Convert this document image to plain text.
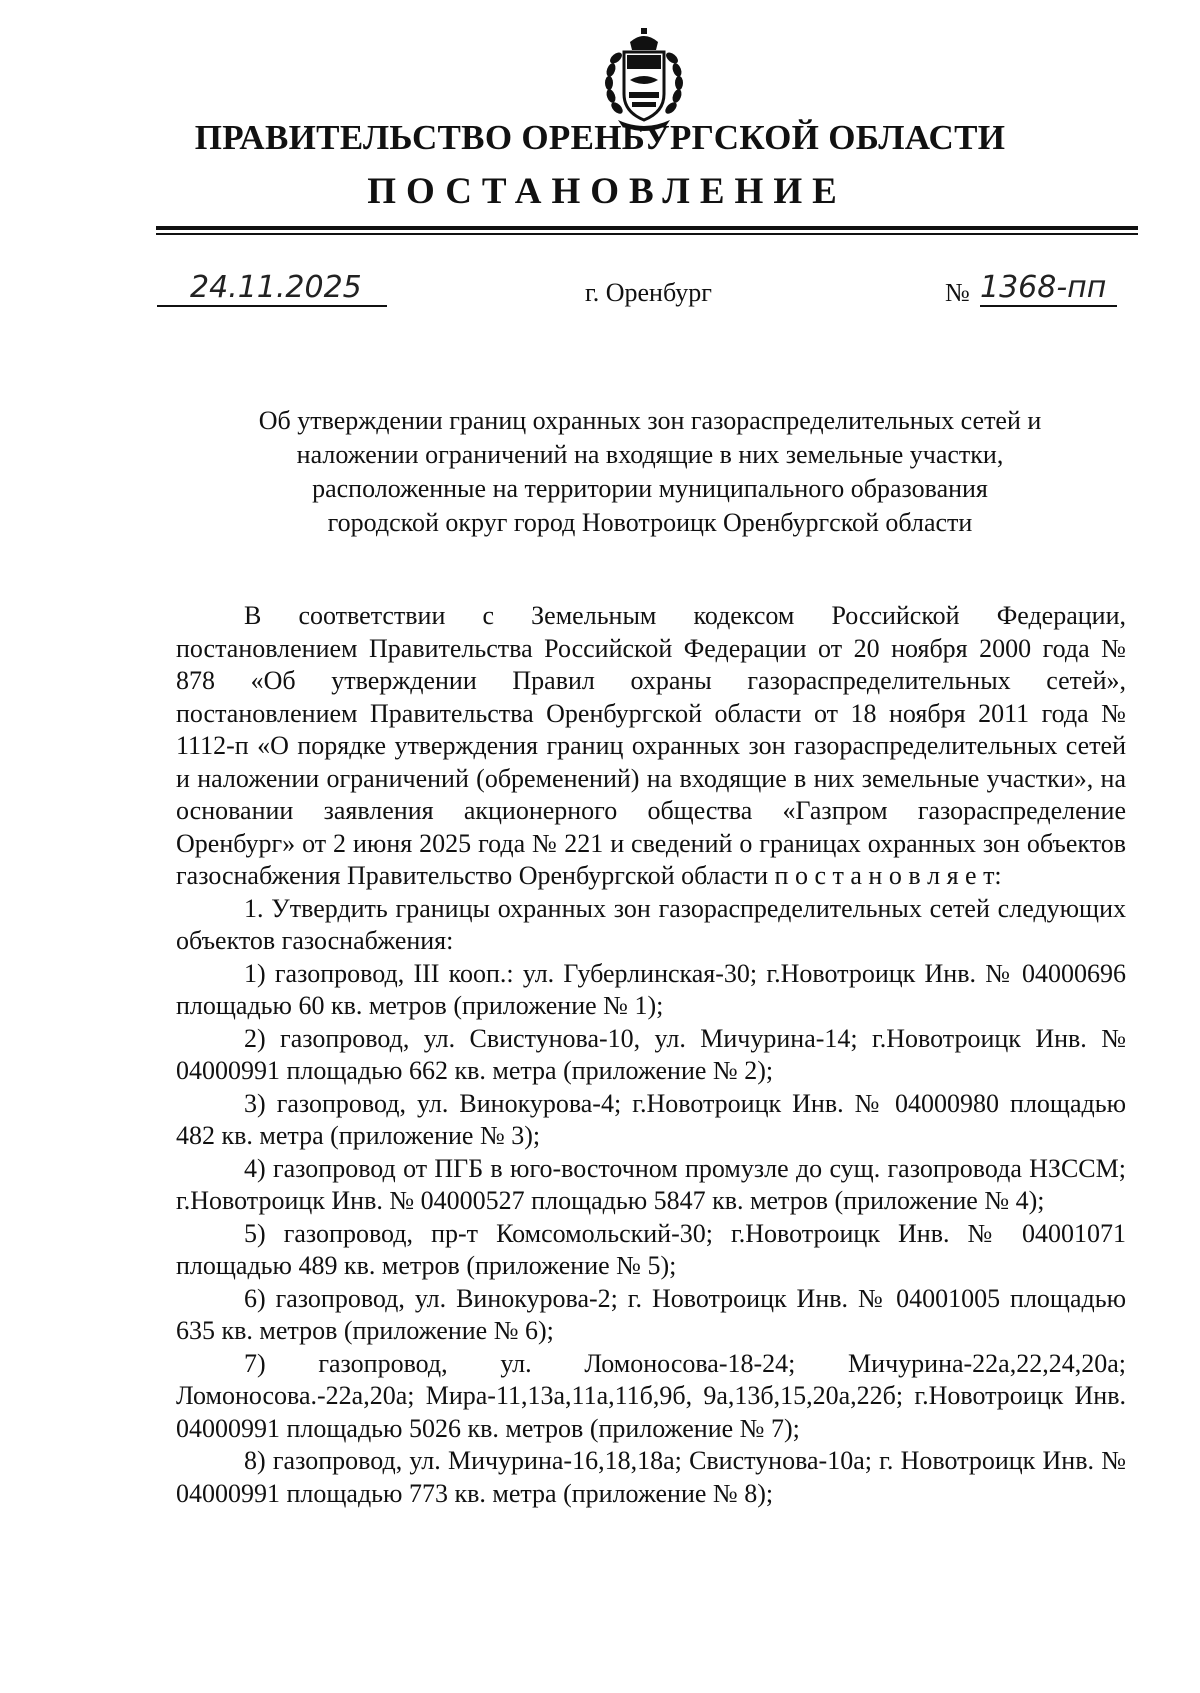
ПРАВИТЕЛЬСТВО ОРЕНБУРГСКОЙ ОБЛАСТИ
ПОСТАНОВЛЕНИЕ
24.11.2025	г. Оренбург	№ 1368-пп
Об утверждении границ охранных зон газораспределительных сетей и
наложении ограничений на входящие в них земельные участки,
расположенные на территории муниципального образования
городской округ город Новотроицк Оренбургской области

В соответствии с Земельным кодексом Российской Федерации, постановлением Правительства Российской Федерации от 20 ноября 2000 года № 878 «Об утверждении Правил охраны газораспределительных сетей», постановлением Правительства Оренбургской области от 18 ноября 2011 года № 1112-п «О порядке утверждения границ охранных зон газораспределительных сетей и наложении ограничений (обременений) на входящие в них земельные участки», на основании заявления акционерного общества «Газпром газораспределение Оренбург» от 2 июня 2025 года № 221 и сведений о границах охранных зон объектов газоснабжения Правительство Оренбургской области п о с т а н о в л я е т:

1. Утвердить границы охранных зон газораспределительных сетей следующих объектов газоснабжения:

1) газопровод, III кооп.: ул. Губерлинская-30; г.Новотроицк Инв. № 04000696 площадью 60 кв. метров (приложение № 1);

2) газопровод, ул. Свистунова-10, ул. Мичурина-14; г.Новотроицк Инв. № 04000991 площадью 662 кв. метра (приложение № 2);

3) газопровод, ул. Винокурова-4; г.Новотроицк Инв. № 04000980 площадью 482 кв. метра (приложение № 3);

4) газопровод от ПГБ в юго-восточном промузле до сущ. газопровода НЗССМ; г.Новотроицк Инв. № 04000527 площадью 5847 кв. метров (приложение № 4);

5) газопровод, пр-т Комсомольский-30; г.Новотроицк Инв. № 04001071 площадью 489 кв. метров (приложение № 5);

6) газопровод, ул. Винокурова-2; г. Новотроицк Инв. № 04001005 площадью 635 кв. метров (приложение № 6);

7) газопровод, ул. Ломоносова-18-24; Мичурина-22а,22,24,20а; Ломоносова.-22а,20а; Мира-11,13а,11а,11б,9б, 9а,13б,15,20а,22б; г.Новотроицк Инв. 04000991 площадью 5026 кв. метров (приложение № 7);

8) газопровод, ул. Мичурина-16,18,18а; Свистунова-10а; г. Новотроицк Инв. № 04000991 площадью 773 кв. метра (приложение № 8);
